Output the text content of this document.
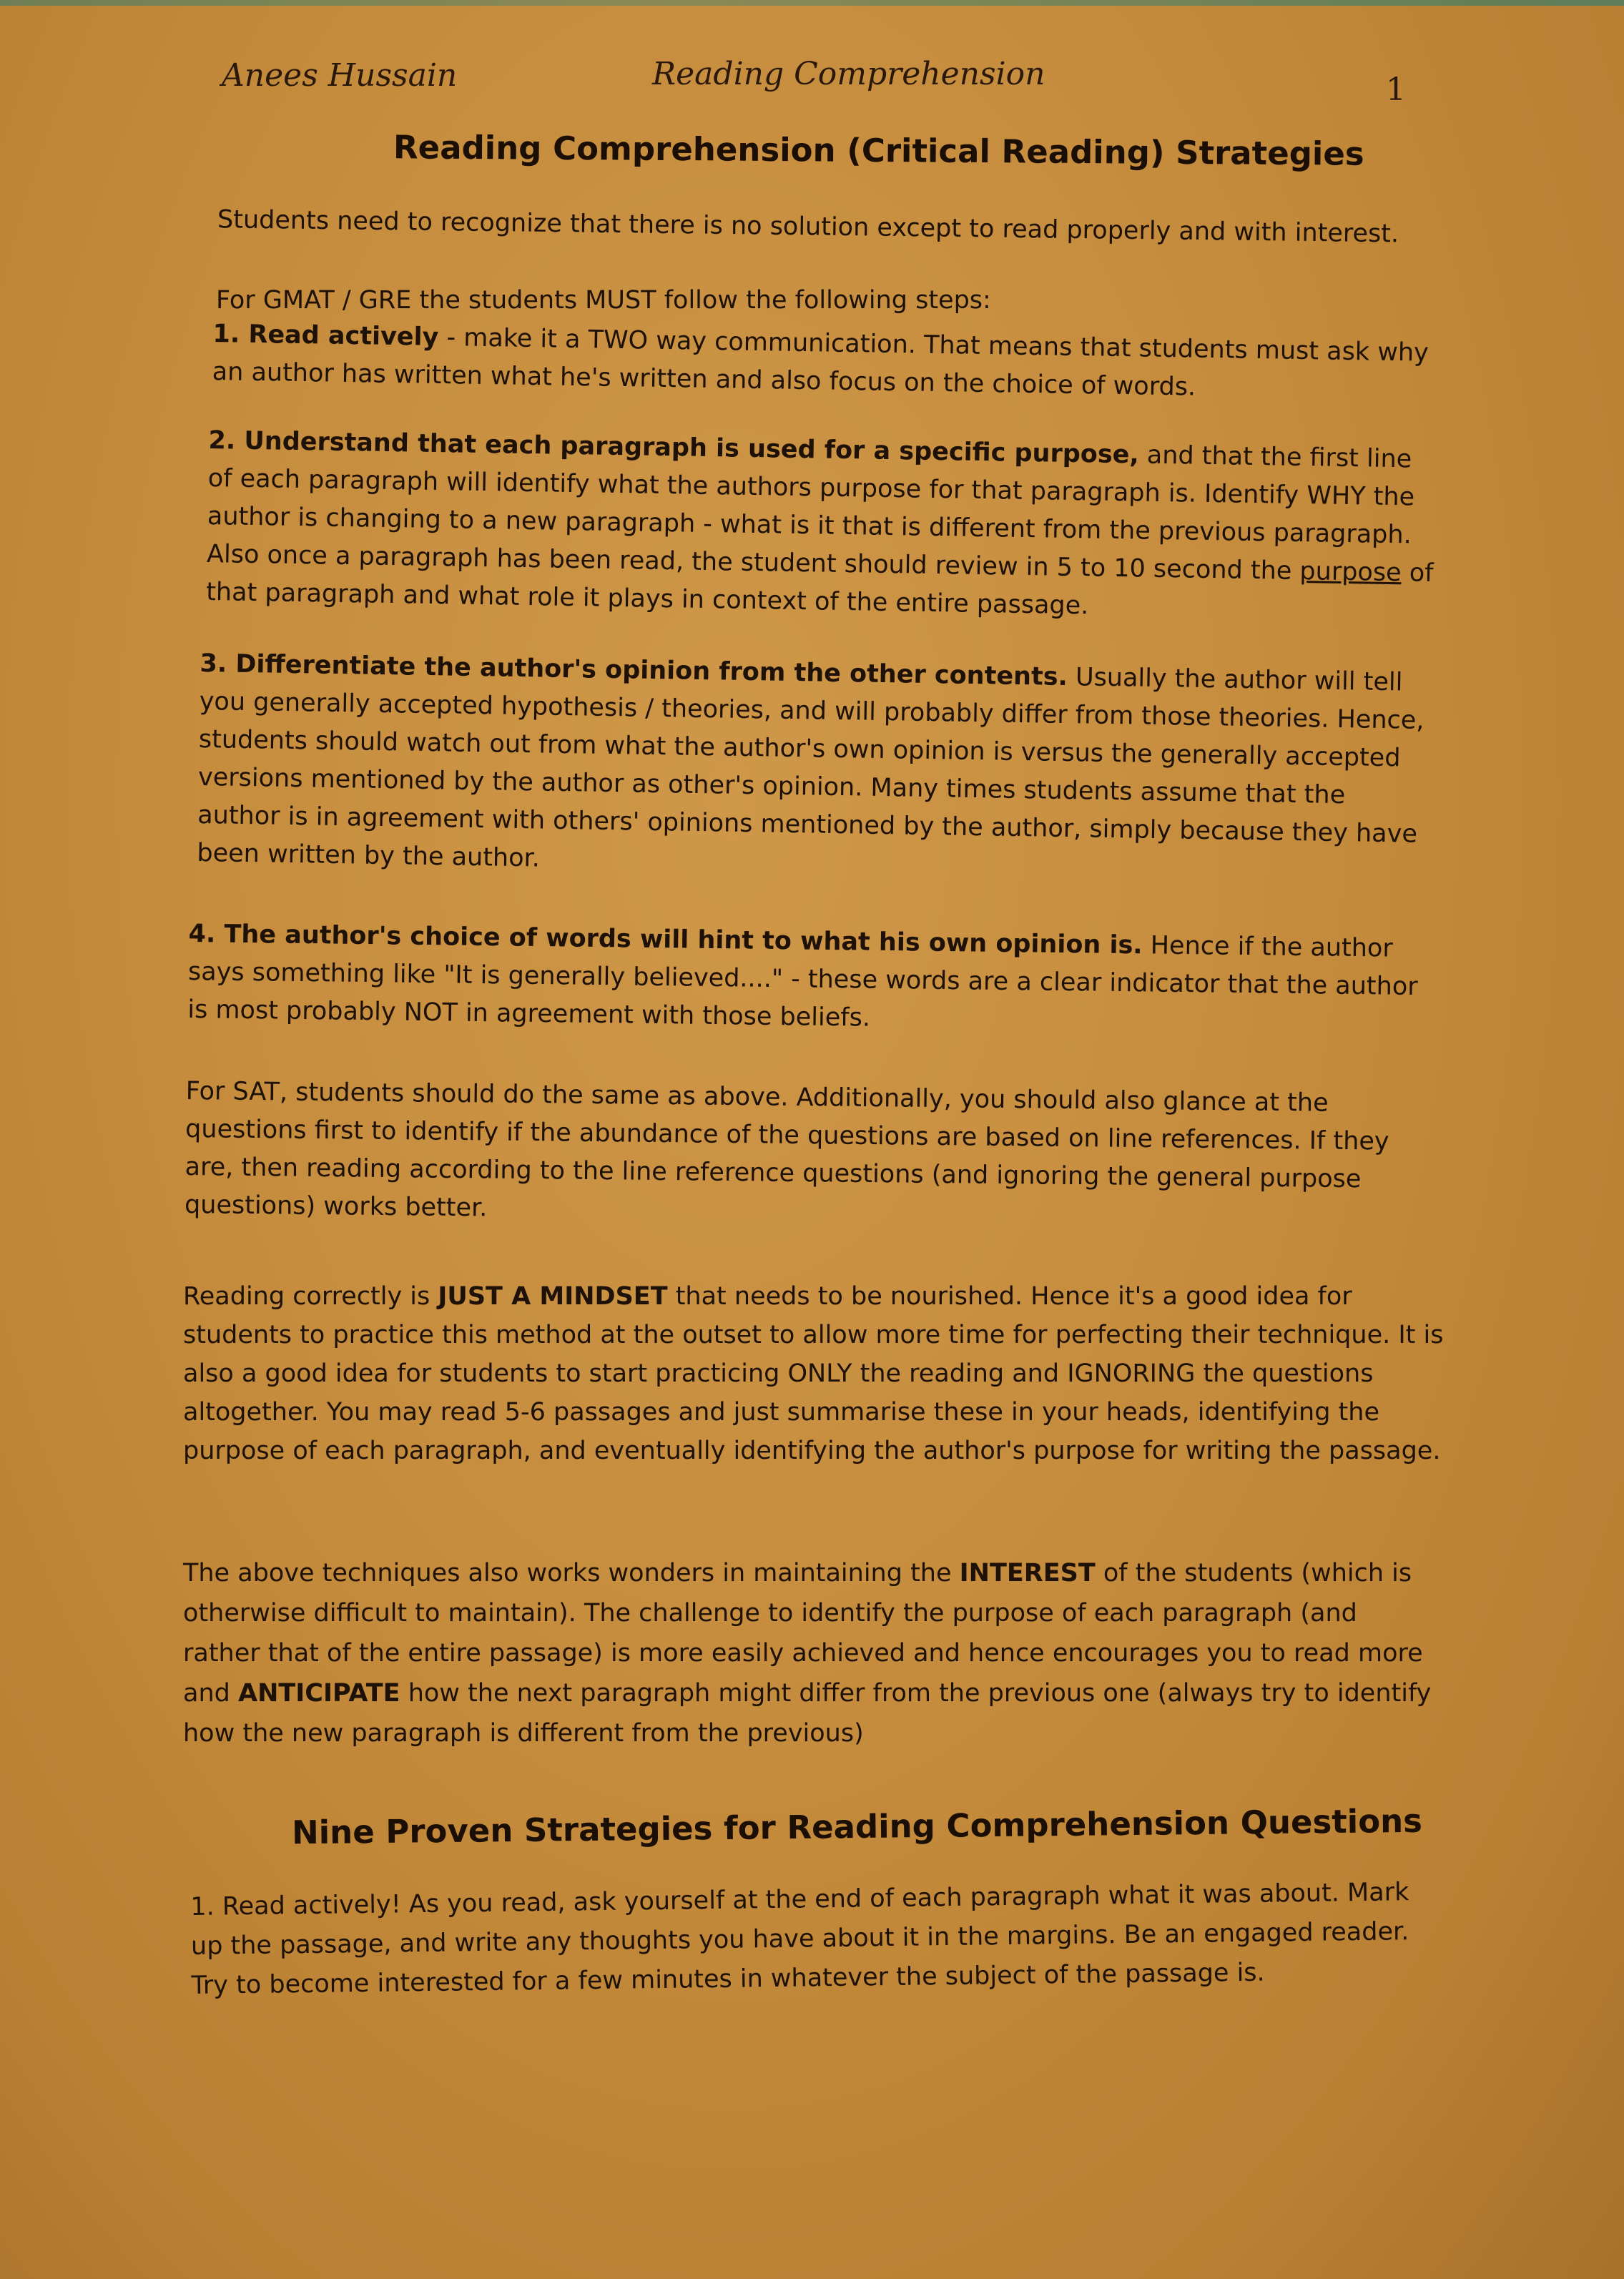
Anees Hussain	Reading Comprehension	1
Reading Comprehension (Critical Reading) Strategies
Students need to recognize that there is no solution except to read properly and with interest.
For GMAT / GRE the students MUST follow the following steps:
1. Read actively - make it a TWO way communication. That means that students must ask why an author has written what he's written and also focus on the choice of words.
2. Understand that each paragraph is used for a specific purpose, and that the first line of each paragraph will identify what the authors purpose for that paragraph is. Identify WHY the author is changing to a new paragraph - what is it that is different from the previous paragraph. Also once a paragraph has been read, the student should review in 5 to 10 second the purpose of that paragraph and what role it plays in context of the entire passage.
3. Differentiate the author's opinion from the other contents. Usually the author will tell you generally accepted hypothesis / theories, and will probably differ from those theories. Hence, students should watch out from what the author's own opinion is versus the generally accepted versions mentioned by the author as other's opinion. Many times students assume that the author is in agreement with others' opinions mentioned by the author, simply because they have been written by the author.
4. The author's choice of words will hint to what his own opinion is. Hence if the author says something like "It is generally believed...." - these words are a clear indicator that the author is most probably NOT in agreement with those beliefs.
For SAT, students should do the same as above. Additionally, you should also glance at the questions first to identify if the abundance of the questions are based on line references. If they are, then reading according to the line reference questions (and ignoring the general purpose questions) works better.
Reading correctly is JUST A MINDSET that needs to be nourished. Hence it's a good idea for students to practice this method at the outset to allow more time for perfecting their technique. It is also a good idea for students to start practicing ONLY the reading and IGNORING the questions altogether. You may read 5-6 passages and just summarise these in your heads, identifying the purpose of each paragraph, and eventually identifying the author's purpose for writing the passage.
The above techniques also works wonders in maintaining the INTEREST of the students (which is otherwise difficult to maintain). The challenge to identify the purpose of each paragraph (and rather that of the entire passage) is more easily achieved and hence encourages you to read more and ANTICIPATE how the next paragraph might differ from the previous one (always try to identify how the new paragraph is different from the previous)
Nine Proven Strategies for Reading Comprehension Questions
1. Read actively! As you read, ask yourself at the end of each paragraph what it was about. Mark up the passage, and write any thoughts you have about it in the margins. Be an engaged reader. Try to become interested for a few minutes in whatever the subject of the passage is.
